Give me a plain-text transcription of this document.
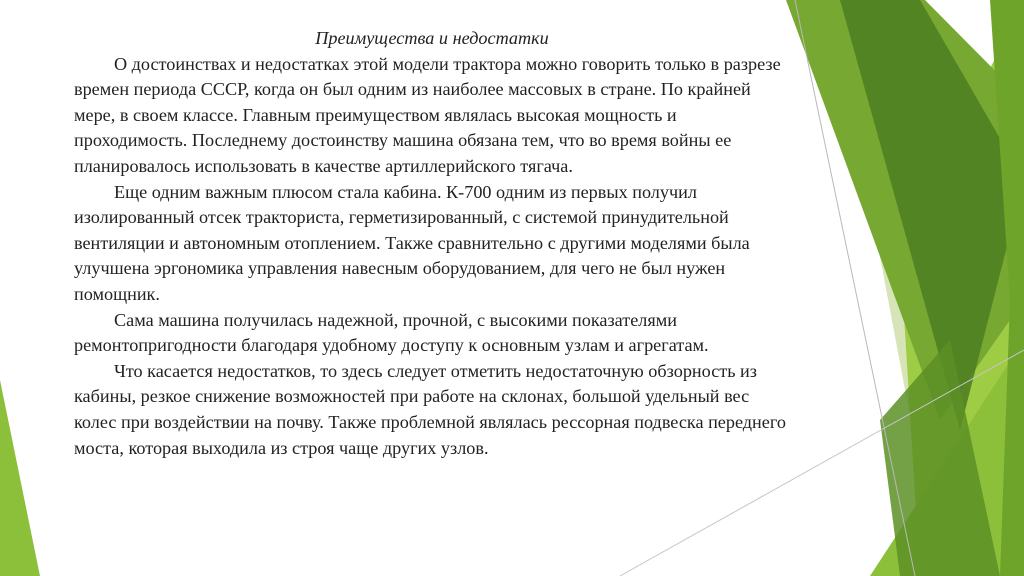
Преимущества и недостатки

О достоинствах и недостатках этой модели трактора можно говорить только в разрезе времен периода СССР, когда он был одним из наиболее массовых в стране. По крайней мере, в своем классе. Главным преимуществом являлась высокая мощность и проходимость. Последнему достоинству машина обязана тем, что во время войны ее планировалось использовать в качестве артиллерийского тягача.

Еще одним важным плюсом стала кабина. К-700 одним из первых получил изолированный отсек тракториста, герметизированный, с системой принудительной вентиляции и автономным отоплением. Также сравнительно с другими моделями была улучшена эргономика управления навесным оборудованием, для чего не был нужен помощник.

Сама машина получилась надежной, прочной, с высокими показателями ремонтопригодности благодаря удобному доступу к основным узлам и агрегатам.

Что касается недостатков, то здесь следует отметить недостаточную обзорность из кабины, резкое снижение возможностей при работе на склонах, большой удельный вес колес при воздействии на почву. Также проблемной являлась рессорная подвеска переднего моста, которая выходила из строя чаще других узлов.
